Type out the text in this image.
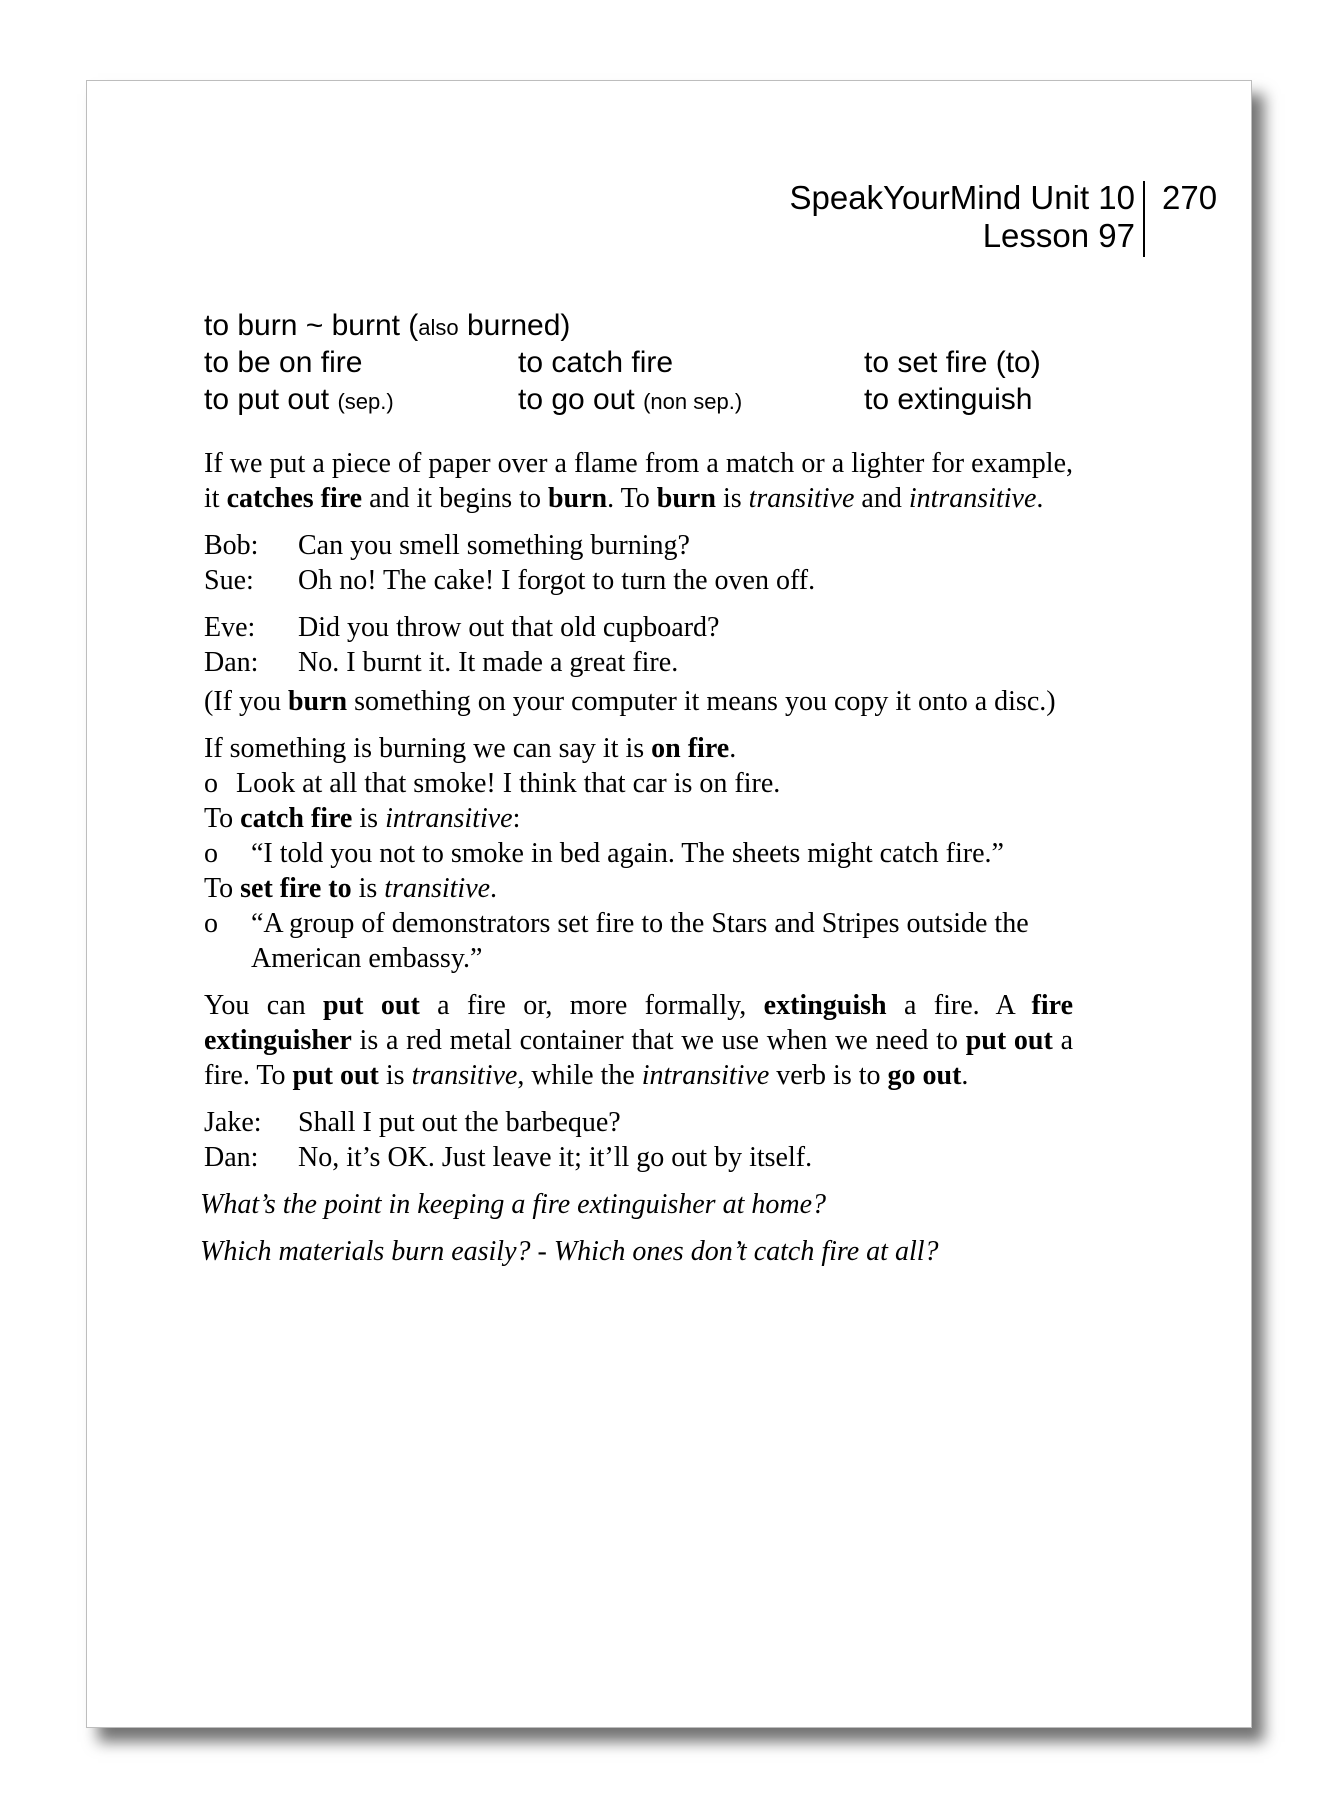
SpeakYourMind Unit 10
Lesson 97
270
to burn ~ burnt (also burned)
to be on fire	to catch fire	to set fire (to)
to put out (sep.)	to go out (non sep.)	to extinguish

If we put a piece of paper over a flame from a match or a lighter for example, it catches fire and it begins to burn. To burn is transitive and intransitive.

Bob: Can you smell something burning?
Sue: Oh no! The cake! I forgot to turn the oven off.
Eve: Did you throw out that old cupboard?
Dan: No. I burnt it. It made a great fire.

(If you burn something on your computer it means you copy it onto a disc.)

If something is burning we can say it is on fire.
o Look at all that smoke! I think that car is on fire.
To catch fire is intransitive:
o “I told you not to smoke in bed again. The sheets might catch fire.”
To set fire to is transitive.
o “A group of demonstrators set fire to the Stars and Stripes outside the American embassy.”

You can put out a fire or, more formally, extinguish a fire. A fire extinguisher is a red metal container that we use when we need to put out a fire. To put out is transitive, while the intransitive verb is to go out.

Jake: Shall I put out the barbeque?
Dan: No, it’s OK. Just leave it; it’ll go out by itself.
What’s the point in keeping a fire extinguisher at home?
Which materials burn easily? - Which ones don’t catch fire at all?
